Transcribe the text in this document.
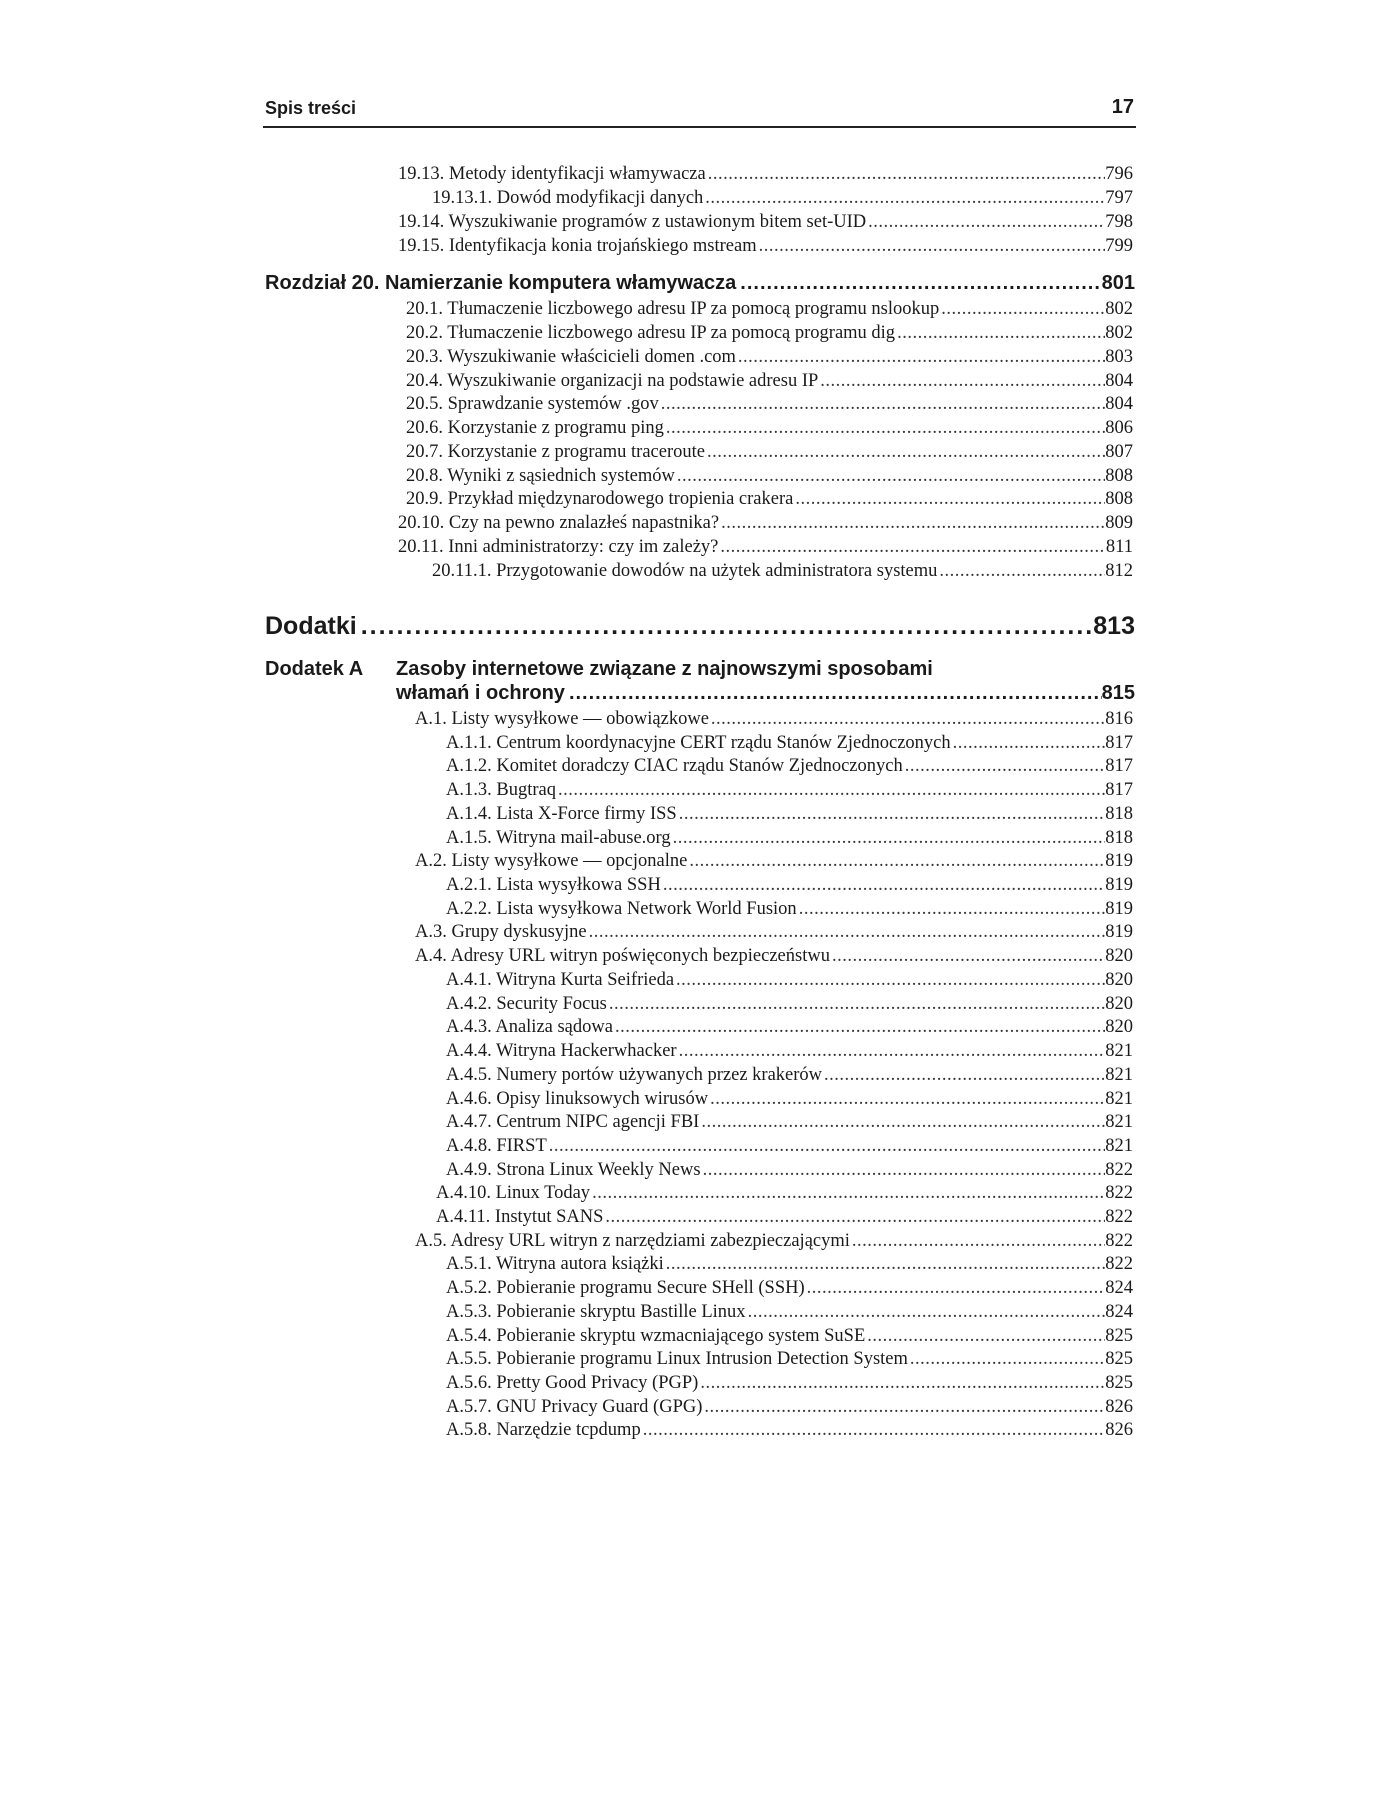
Spis treści	17
19.13. Metody identyfikacji włamywacza .....	796
19.13.1. Dowód modyfikacji danych .....	797
19.14. Wyszukiwanie programów z ustawionym bitem set-UID .....	798
19.15. Identyfikacja konia trojańskiego mstream .....	799
Rozdział 20. Namierzanie komputera włamywacza .....	801
20.1. Tłumaczenie liczbowego adresu IP za pomocą programu nslookup .....	802
20.2. Tłumaczenie liczbowego adresu IP za pomocą programu dig .....	802
20.3. Wyszukiwanie właścicieli domen .com .....	803
20.4. Wyszukiwanie organizacji na podstawie adresu IP .....	804
20.5. Sprawdzanie systemów .gov .....	804
20.6. Korzystanie z programu ping .....	806
20.7. Korzystanie z programu traceroute .....	807
20.8. Wyniki z sąsiednich systemów .....	808
20.9. Przykład międzynarodowego tropienia crakera .....	808
20.10. Czy na pewno znalazłeś napastnika? .....	809
20.11. Inni administratorzy: czy im zależy? .....	811
20.11.1. Przygotowanie dowodów na użytek administratora systemu .....	812
Dodatki .....	813
Dodatek A Zasoby internetowe związane z najnowszymi sposobami
włamań i ochrony .....	815
A.1. Listy wysyłkowe — obowiązkowe .....	816
A.1.1. Centrum koordynacyjne CERT rządu Stanów Zjednoczonych .....	817
A.1.2. Komitet doradczy CIAC rządu Stanów Zjednoczonych .....	817
A.1.3. Bugtraq .....	817
A.1.4. Lista X-Force firmy ISS .....	818
A.1.5. Witryna mail-abuse.org .....	818
A.2. Listy wysyłkowe — opcjonalne .....	819
A.2.1. Lista wysyłkowa SSH .....	819
A.2.2. Lista wysyłkowa Network World Fusion .....	819
A.3. Grupy dyskusyjne .....	819
A.4. Adresy URL witryn poświęconych bezpieczeństwu .....	820
A.4.1. Witryna Kurta Seifrieda .....	820
A.4.2. Security Focus .....	820
A.4.3. Analiza sądowa .....	820
A.4.4. Witryna Hackerwhacker .....	821
A.4.5. Numery portów używanych przez krakerów .....	821
A.4.6. Opisy linuksowych wirusów .....	821
A.4.7. Centrum NIPC agencji FBI .....	821
A.4.8. FIRST .....	821
A.4.9. Strona Linux Weekly News .....	822
A.4.10. Linux Today .....	822
A.4.11. Instytut SANS .....	822
A.5. Adresy URL witryn z narzędziami zabezpieczającymi .....	822
A.5.1. Witryna autora książki .....	822
A.5.2. Pobieranie programu Secure SHell (SSH) .....	824
A.5.3. Pobieranie skryptu Bastille Linux .....	824
A.5.4. Pobieranie skryptu wzmacniającego system SuSE .....	825
A.5.5. Pobieranie programu Linux Intrusion Detection System .....	825
A.5.6. Pretty Good Privacy (PGP) .....	825
A.5.7. GNU Privacy Guard (GPG) .....	826
A.5.8. Narzędzie tcpdump .....	826
